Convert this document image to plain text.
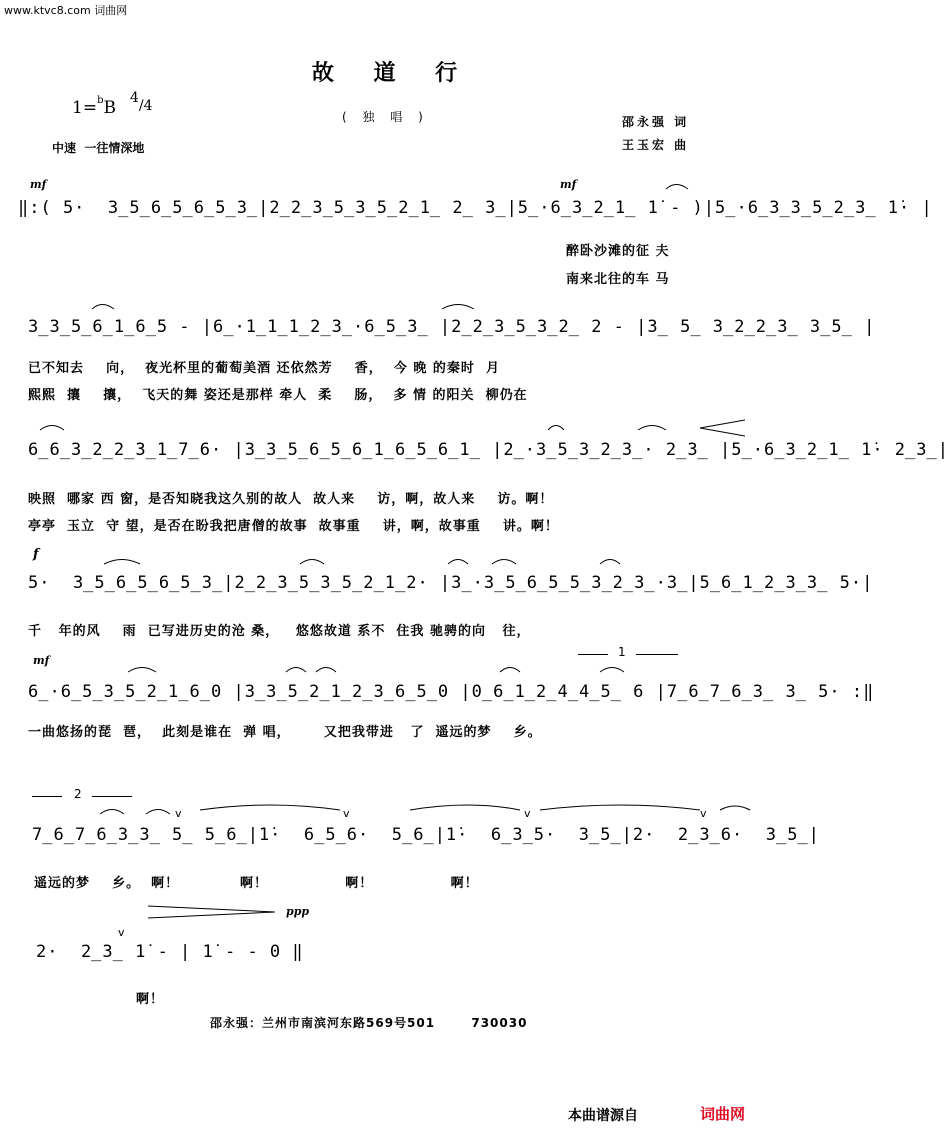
v	v	v	v
v
www.ktvc8.com 词曲网
故 道 行
1=$^b$B 4/4
( 独 唱 )	邵永强 词
王玉宏 曲
中速  一往情深地
mf	mf
f
mf
ppp
‖:( 5·  3̲5̲6̲5̲6̲5̲3̲|2̲2̲3̲5̲3̲5̲2̲1̲ 2̲ 3̲|5̲·6̲3̲2̲1̲ 1̇ - )|5̲·6̲3̲3̲5̲2̲3̲ 1̇· |
醉卧沙滩的征 夫
南来北往的车 马
3̲3̲5̲6̲1̲6̲5 - |6̲·1̲1̲1̲2̲3̲·6̲5̲3̲ |2̲2̲3̲5̲3̲2̲ 2 - |3̲ 5̲ 3̲2̲2̲3̲ 3̲5̲ |
已不知去    向，  夜光杯里的葡萄美酒 还依然芳    香，  今 晚 的秦时  月
熙熙  攘    攘，  飞天的舞 姿还是那样 牵人  柔    肠，  多 情 的阳关  柳仍在
6̲6̲3̲2̲2̲3̲1̲7̲6· |3̲3̲5̲6̲5̲6̲1̲6̲5̲6̲1̲ |2̲·3̲5̲3̲2̲3̲· 2̲3̲ |5̲·6̲3̲2̲1̲ 1̇· 2̲3̲|
映照  哪家 西 窗，是否知晓我这久别的故人  故人来    访，啊，故人来    访。啊！
亭亭  玉立  守 望，是否在盼我把唐僧的故事  故事重    讲，啊，故事重    讲。啊！
5·  3̲5̲6̲5̲6̲5̲3̲|2̲2̲3̲5̲3̲5̲2̲1̲2· |3̲·3̲5̲6̲5̲5̲3̲2̲3̲·3̲|5̲6̲1̲2̲3̲3̲ 5·|
千   年的风    雨  已写进历史的沧 桑，   悠悠故道 系不  住我 驰骋的向   往，
1
6̲·6̲5̲3̲5̲2̲1̲6̲0 |3̲3̲5̲2̲1̲2̲3̲6̲5̲0 |0̲6̲1̲2̲4̲4̲5̲ 6 |7̲6̲7̲6̲3̲ 3̲ 5· :‖
一曲悠扬的琵  琶，  此刻是谁在  弹 唱，      又把我带进   了  遥远的梦    乡。
2
7̲6̲7̲6̲3̲3̲ 5̲ 5̲6̲|1̇·  6̲5̲6·  5̲6̲|1̇·  6̲3̲5·  3̲5̲|2·  2̲3̲6·  3̲5̲|
遥远的梦    乡。  啊！           啊！              啊！              啊！
2·  2̲3̲ 1̇ - | 1̇ - - 0 ‖
啊！
邵永强：兰州市南滨河东路569号501       730030
本曲谱源自	词曲网
